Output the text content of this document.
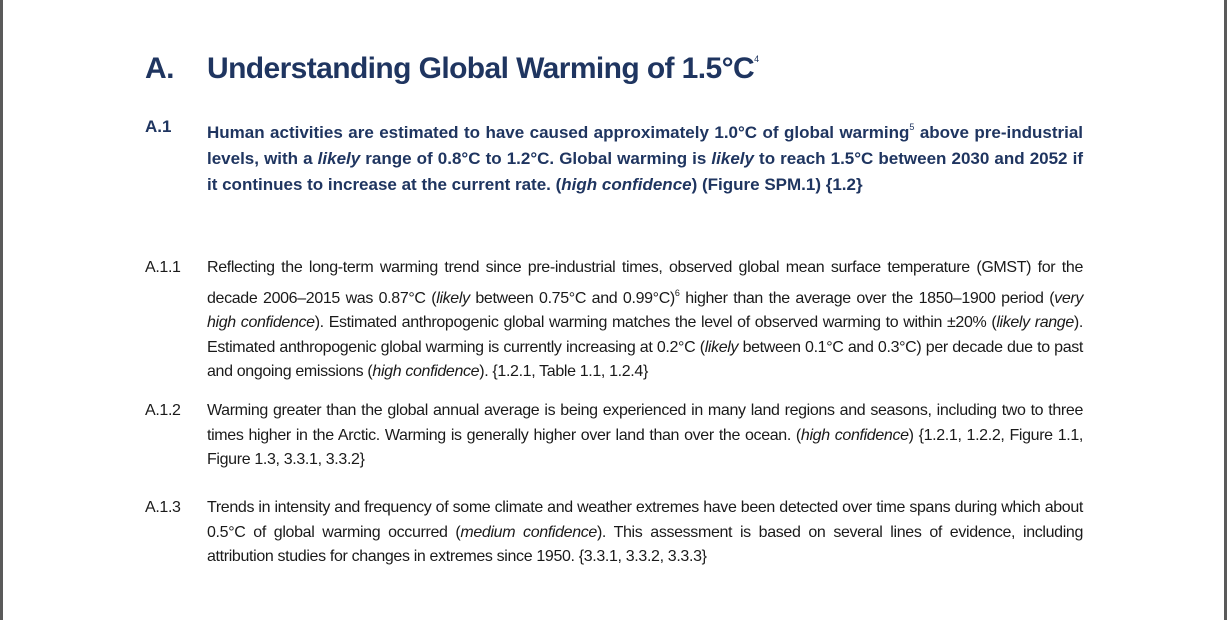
A. Understanding Global Warming of $1.5^\circ C^4$
A.1 Human activities are estimated to have caused approximately 1.0°C of global warming$^5$ above pre-industrial levels, with a likely range of 0.8°C to 1.2°C. Global warming is likely to reach 1.5°C between 2030 and 2052 if it continues to increase at the current rate. (high confidence) (Figure SPM.1) {1.2}
A.1.1 Reflecting the long-term warming trend since pre-industrial times, observed global mean surface temperature (GMST) for the decade 2006–2015 was 0.87°C (likely between 0.75°C and 0.99°C)$^6$ higher than the average over the 1850–1900 period (very high confidence). Estimated anthropogenic global warming matches the level of observed warming to within ±20% (likely range). Estimated anthropogenic global warming is currently increasing at 0.2°C (likely between 0.1°C and 0.3°C) per decade due to past and ongoing emissions (high confidence). {1.2.1, Table 1.1, 1.2.4}
A.1.2 Warming greater than the global annual average is being experienced in many land regions and seasons, including two to three times higher in the Arctic. Warming is generally higher over land than over the ocean. (high confidence) {1.2.1, 1.2.2, Figure 1.1, Figure 1.3, 3.3.1, 3.3.2}
A.1.3 Trends in intensity and frequency of some climate and weather extremes have been detected over time spans during which about 0.5°C of global warming occurred (medium confidence). This assessment is based on several lines of evidence, including attribution studies for changes in extremes since 1950. {3.3.1, 3.3.2, 3.3.3}
